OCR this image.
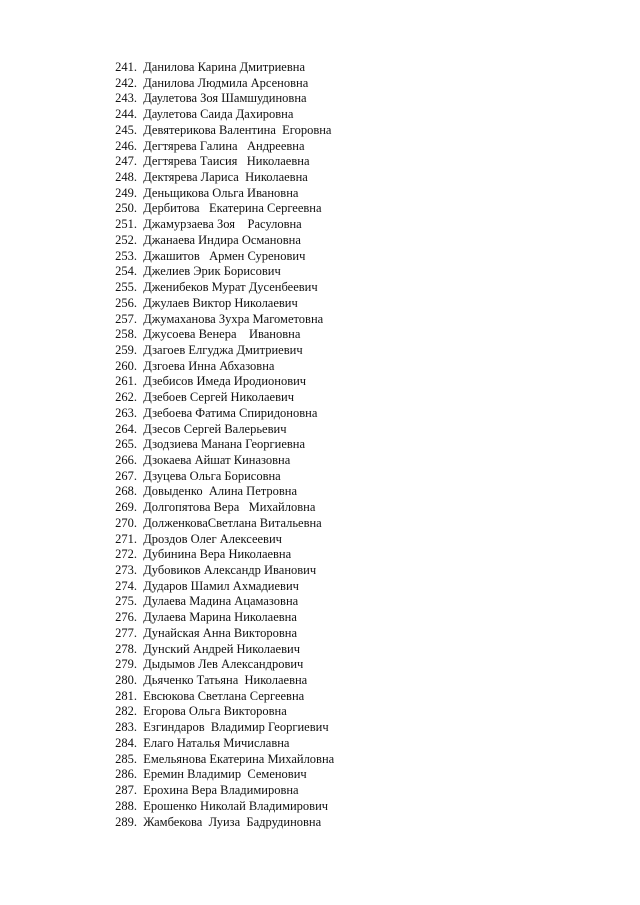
241.
Данилова Карина Дмитриевна
242.
Данилова Людмила Арсеновна
243.
Даулетова Зоя Шамшудиновна
244.
Даулетова Саида Дахировна
245.
Девятерикова Валентина  Егоровна
246.
Дегтярева Галина   Андреевна
247.
Дегтярева Таисия   Николаевна
248.
Дектярева Лариса  Николаевна
249.
Деньщикова Ольга Ивановна
250.
Дербитова   Екатерина Сергеевна
251.
Джамурзаева Зоя    Расуловна
252.
Джанаева Индира Османовна
253.
Джашитов   Армен Суренович
254.
Джелиев Эрик Борисович
255.
Дженибеков Мурат Дусенбеевич
256.
Джулаев Виктор Николаевич
257.
Джумаханова Зухра Магометовна
258.
Джусоева Венера    Ивановна
259.
Дзагоев Елгуджа Дмитриевич
260.
Дзгоева Инна Абхазовна
261.
Дзебисов Имеда Иродионович
262.
Дзебоев Сергей Николаевич
263.
Дзебоева Фатима Спиридоновна
264.
Дзесов Сергей Валерьевич
265.
Дзодзиева Манана Георгиевна
266.
Дзокаева Айшат Киназовна
267.
Дзуцева Ольга Борисовна
268.
Довыденко  Алина Петровна
269.
Долгопятова Вера   Михайловна
270.
ДолженковаСветлана Витальевна
271.
Дроздов Олег Алексеевич
272.
Дубинина Вера Николаевна
273.
Дубовиков Александр Иванович
274.
Дударов Шамил Ахмадиевич
275.
Дулаева Мадина Ацамазовна
276.
Дулаева Марина Николаевна
277.
Дунайская Анна Викторовна
278.
Дунский Андрей Николаевич
279.
Дыдымов Лев Александрович
280.
Дьяченко Татьяна  Николаевна
281.
Евсюкова Светлана Сергеевна
282.
Егорова Ольга Викторовна
283.
Езгиндаров  Владимир Георгиевич
284.
Елаго Наталья Мичиславна
285.
Емельянова Екатерина Михайловна
286.
Еремин Владимир  Семенович
287.
Ерохина Вера Владимировна
288.
Ерошенко Николай Владимирович
289.
Жамбекова  Луиза  Бадрудиновна
